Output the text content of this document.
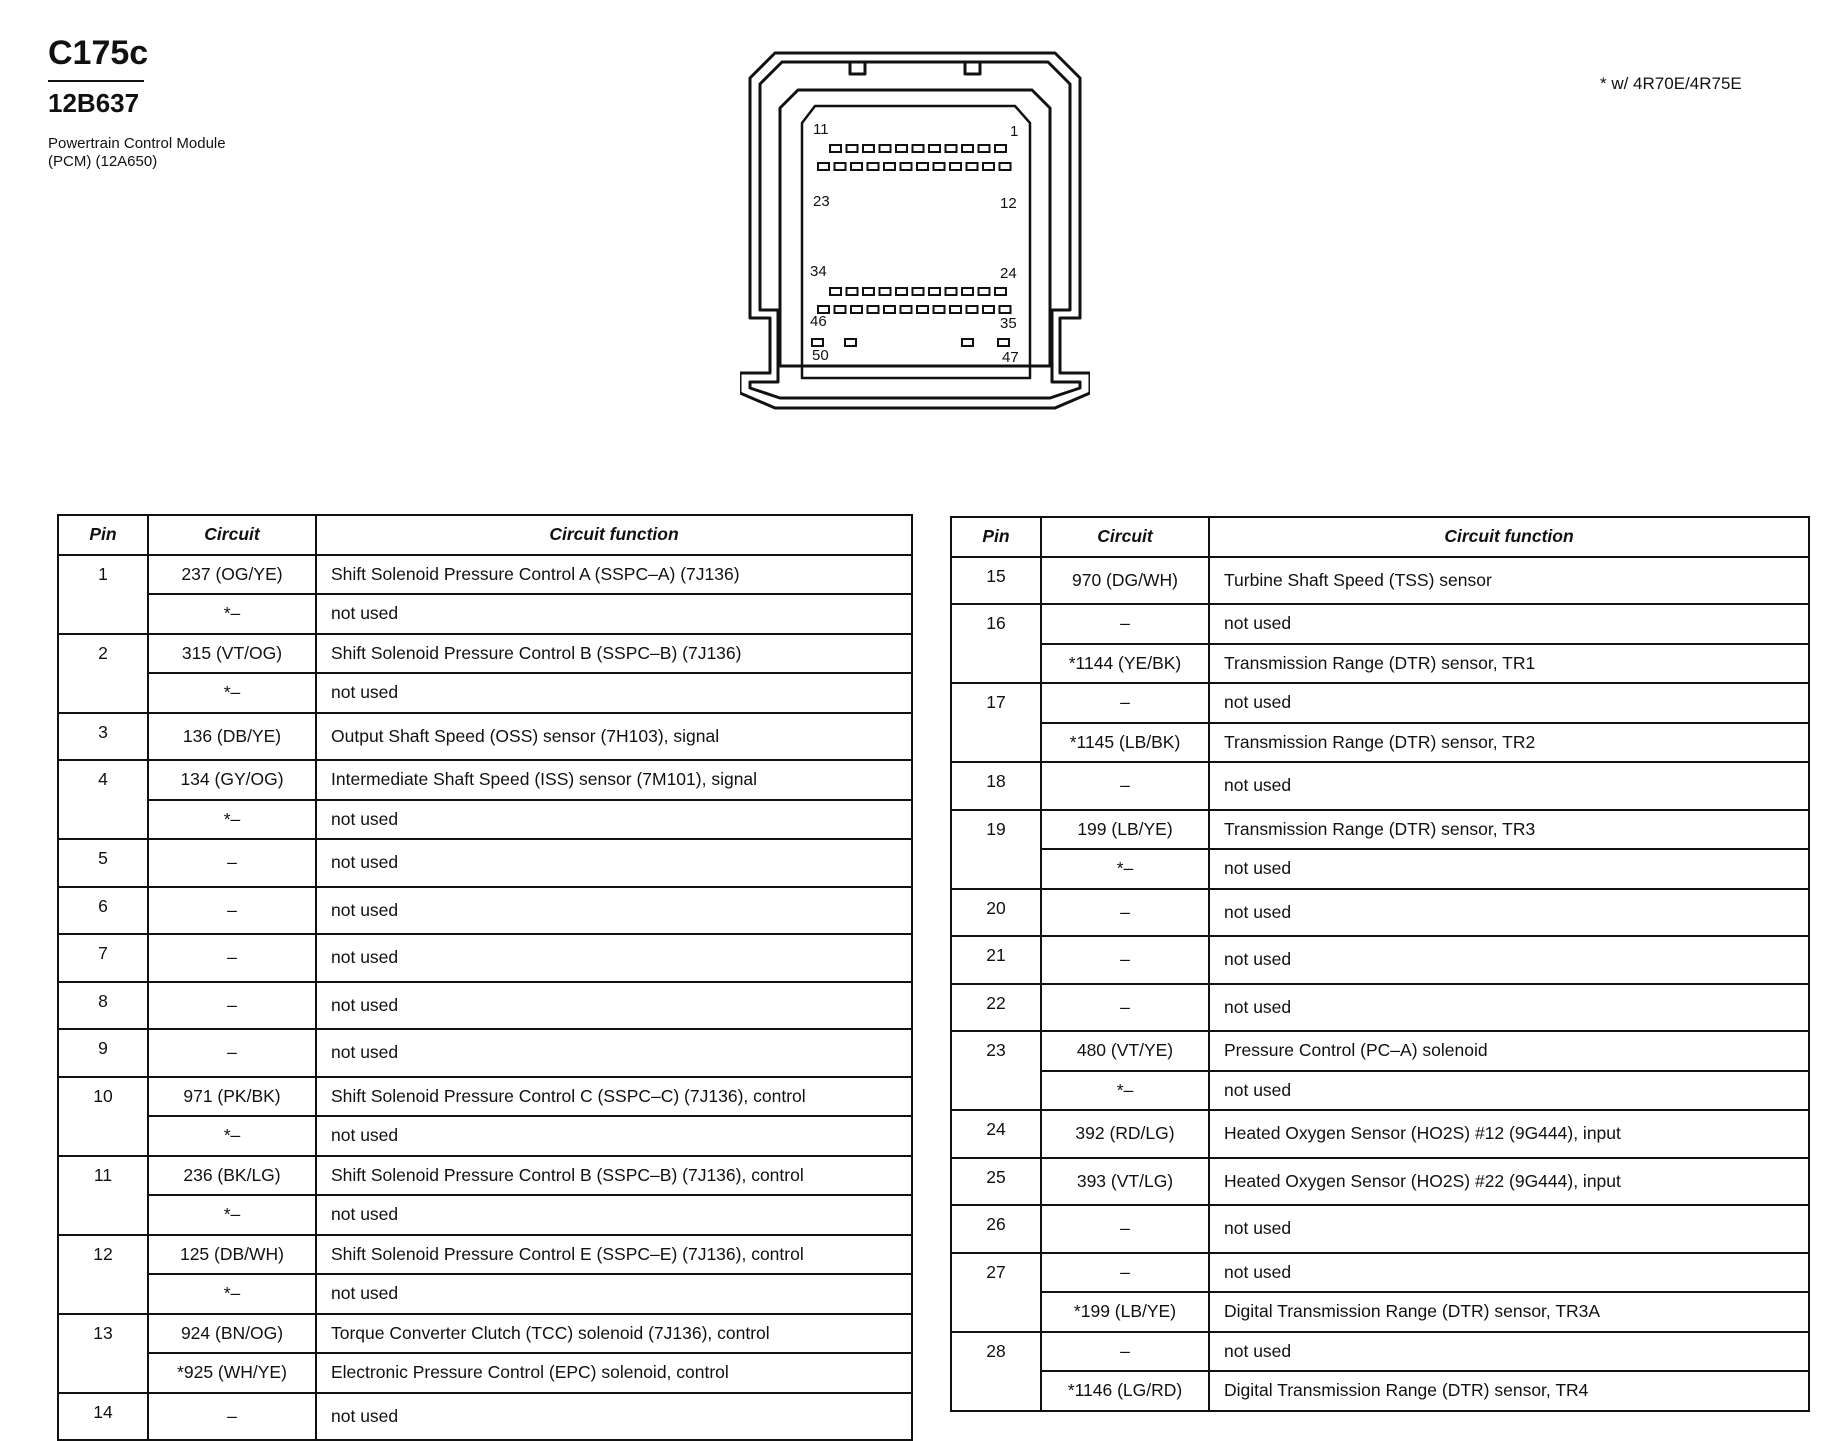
C175c
12B637
Powertrain Control Module
(PCM) (12A650)
* w/ 4R70E/4R75E
11	1
23	12
34	24
46	35
50	47
Pin	Circuit	Circuit function
1	237 (OG/YE)	Shift Solenoid Pressure Control A (SSPC–A) (7J136)
	*–	not used
2	315 (VT/OG)	Shift Solenoid Pressure Control B (SSPC–B) (7J136)
	*–	not used
3	136 (DB/YE)	Output Shaft Speed (OSS) sensor (7H103), signal
4	134 (GY/OG)	Intermediate Shaft Speed (ISS) sensor (7M101), signal
	*–	not used
5	–	not used
6	–	not used
7	–	not used
8	–	not used
9	–	not used
10	971 (PK/BK)	Shift Solenoid Pressure Control C (SSPC–C) (7J136), control
	*–	not used
11	236 (BK/LG)	Shift Solenoid Pressure Control B (SSPC–B) (7J136), control
	*–	not used
12	125 (DB/WH)	Shift Solenoid Pressure Control E (SSPC–E) (7J136), control
	*–	not used
13	924 (BN/OG)	Torque Converter Clutch (TCC) solenoid (7J136), control
	*925 (WH/YE)	Electronic Pressure Control (EPC) solenoid, control
14	–	not used
Pin	Circuit	Circuit function
15	970 (DG/WH)	Turbine Shaft Speed (TSS) sensor
16	–	not used
	*1144 (YE/BK)	Transmission Range (DTR) sensor, TR1
17	–	not used
	*1145 (LB/BK)	Transmission Range (DTR) sensor, TR2
18	–	not used
19	199 (LB/YE)	Transmission Range (DTR) sensor, TR3
	*–	not used
20	–	not used
21	–	not used
22	–	not used
23	480 (VT/YE)	Pressure Control (PC–A) solenoid
	*–	not used
24	392 (RD/LG)	Heated Oxygen Sensor (HO2S) #12 (9G444), input
25	393 (VT/LG)	Heated Oxygen Sensor (HO2S) #22 (9G444), input
26	–	not used
27	–	not used
	*199 (LB/YE)	Digital Transmission Range (DTR) sensor, TR3A
28	–	not used
	*1146 (LG/RD)	Digital Transmission Range (DTR) sensor, TR4
